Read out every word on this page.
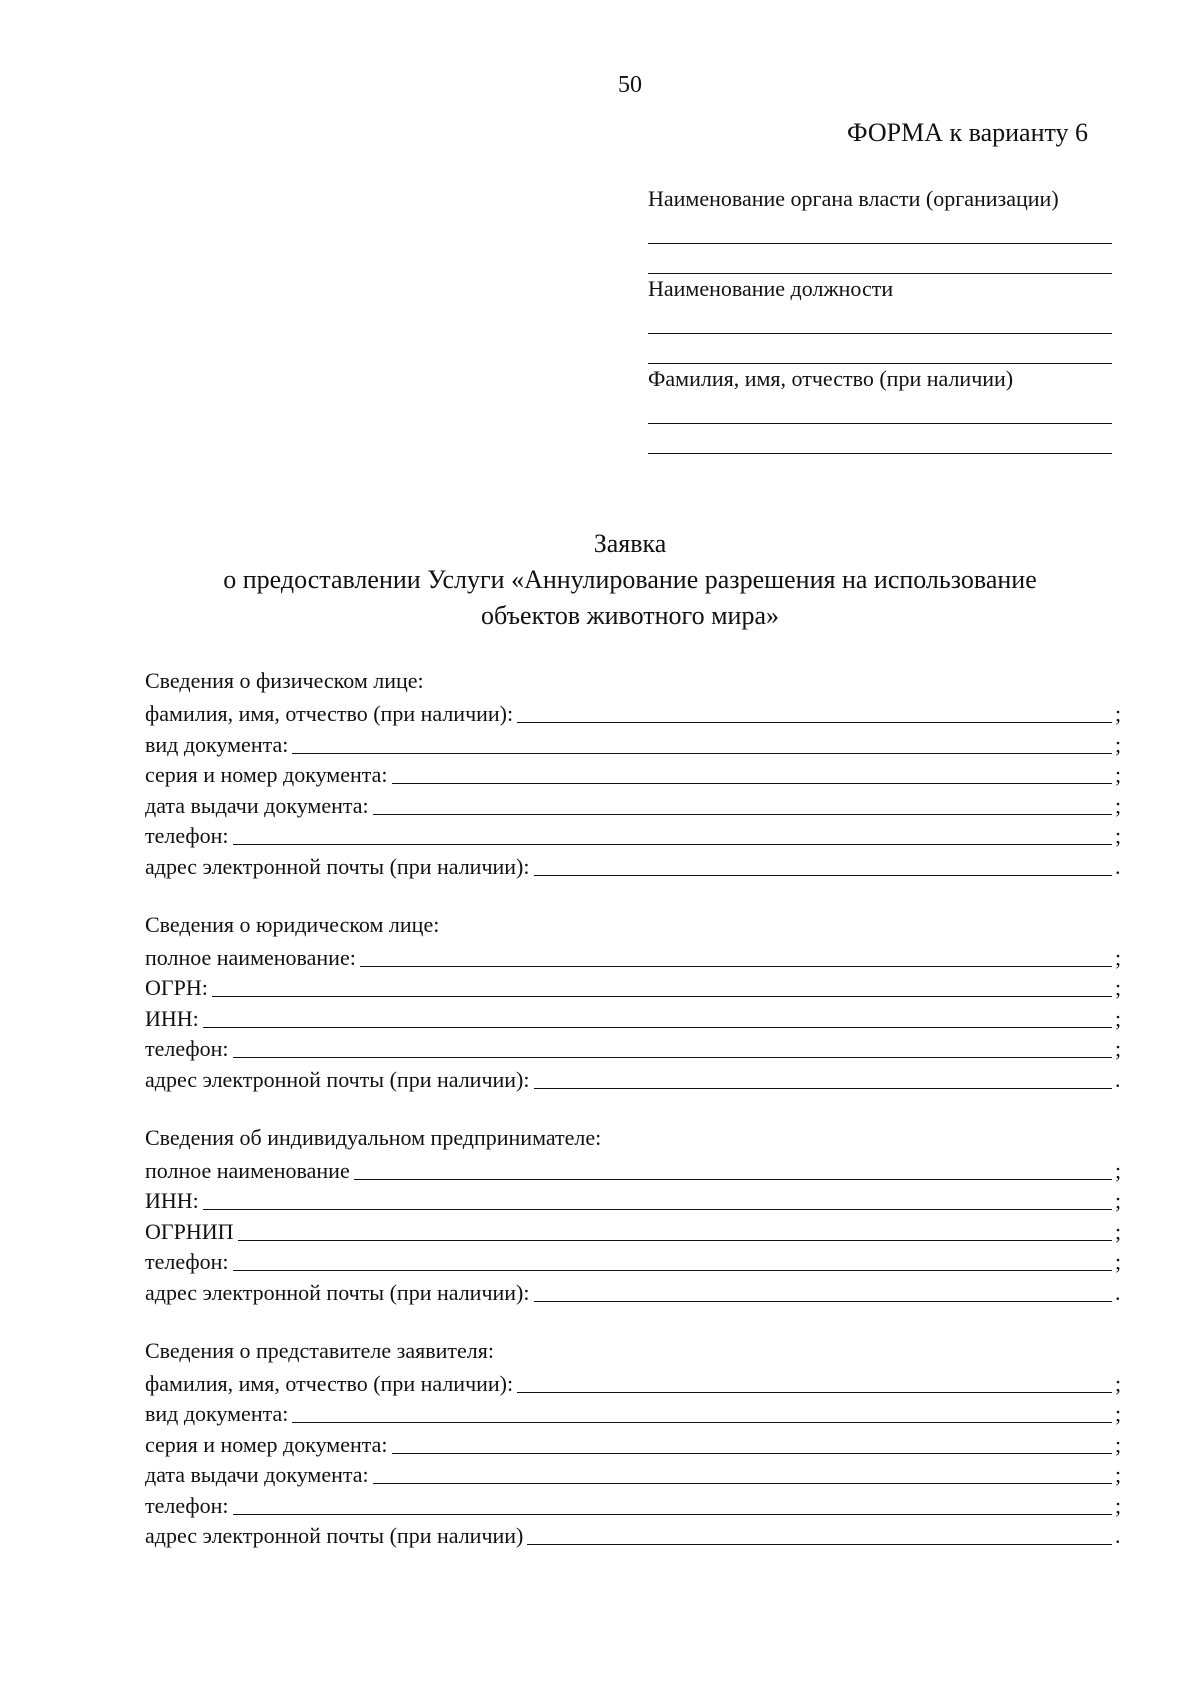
50
ФОРМА к варианту 6
Наименование органа власти (организации)
Наименование должности
Фамилия, имя, отчество (при наличии)
Заявка
о предоставлении Услуги «Аннулирование разрешения на использование
объектов животного мира»
Сведения о физическом лице:
фамилия, имя, отчество (при наличии):	;
вид документа:	;
серия и номер документа:	;
дата выдачи документа:	;
телефон:	;
адрес электронной почты (при наличии):	.
Сведения о юридическом лице:
полное наименование:	;
ОГРН:	;
ИНН:	;
телефон:	;
адрес электронной почты (при наличии):	.
Сведения об индивидуальном предпринимателе:
полное наименование	;
ИНН:	;
ОГРНИП	;
телефон:	;
адрес электронной почты (при наличии):	.
Сведения о представителе заявителя:
фамилия, имя, отчество (при наличии):	;
вид документа:	;
серия и номер документа:	;
дата выдачи документа:	;
телефон:	;
адрес электронной почты (при наличии)	.
